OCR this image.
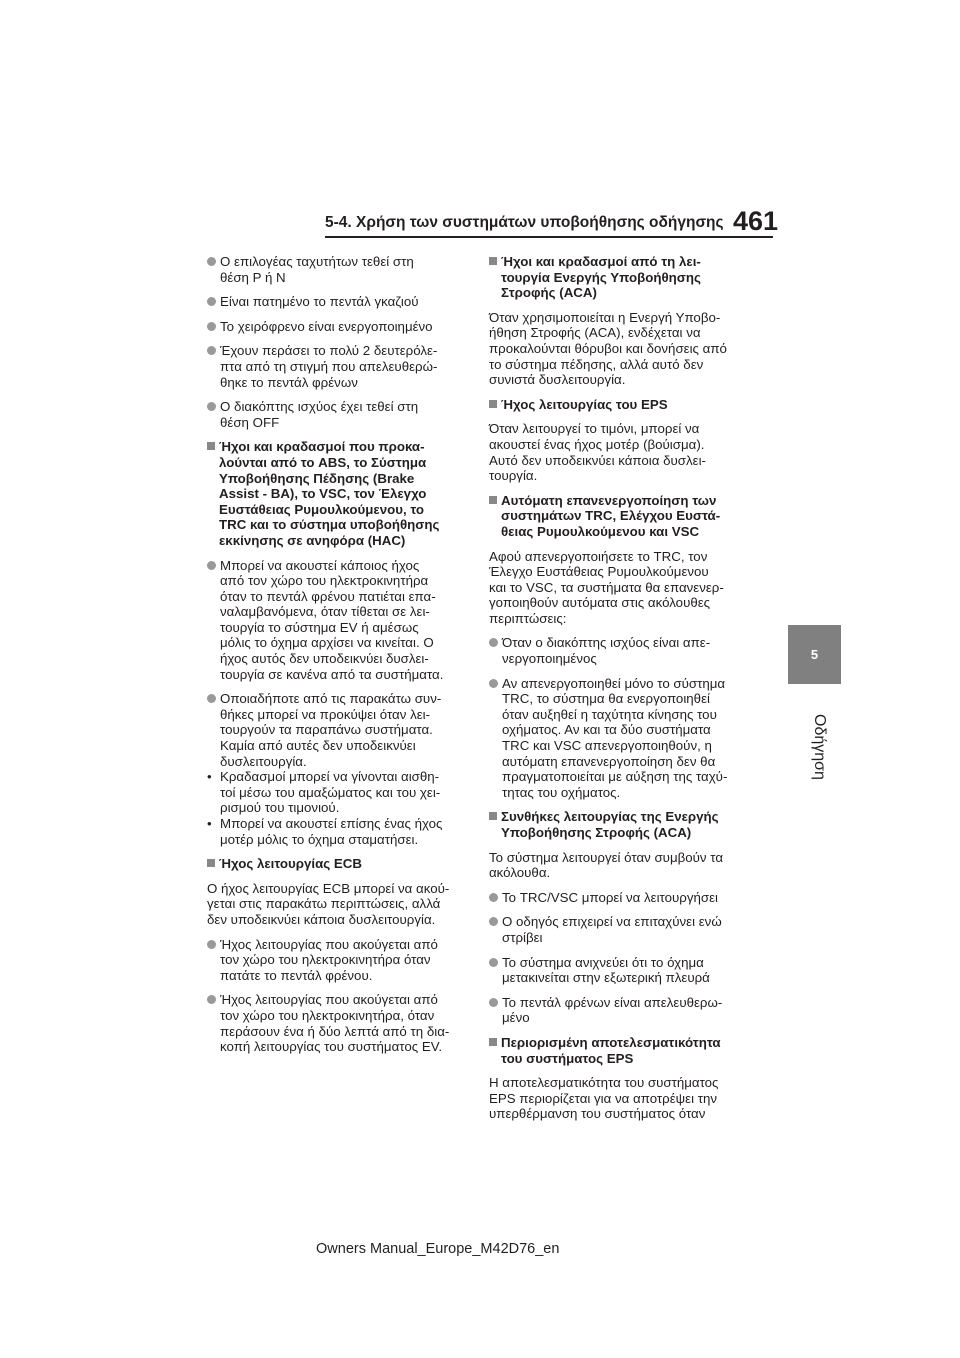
5-4. Χρήση των συστημάτων υποβοήθησης οδήγησης 461
5
Οδήγηση
Ο επιλογέας ταχυτήτων τεθεί στη
θέση P ή N
Είναι πατημένο το πεντάλ γκαζιού
Το χειρόφρενο είναι ενεργοποιημένο
Έχουν περάσει το πολύ 2 δευτερόλε-
πτα από τη στιγμή που απελευθερώ-
θηκε το πεντάλ φρένων
Ο διακόπτης ισχύος έχει τεθεί στη
θέση OFF
Ήχοι και κραδασμοί που προκα-
λούνται από το ABS, το Σύστημα
Υποβοήθησης Πέδησης (Brake
Assist - BA), το VSC, τον Έλεγχο
Ευστάθειας Ρυμουλκούμενου, το
TRC και το σύστημα υποβοήθησης
εκκίνησης σε ανηφόρα (HAC)
Μπορεί να ακουστεί κάποιος ήχος
από τον χώρο του ηλεκτροκινητήρα
όταν το πεντάλ φρένου πατιέται επα-
ναλαμβανόμενα, όταν τίθεται σε λει-
τουργία το σύστημα EV ή αμέσως
μόλις το όχημα αρχίσει να κινείται. Ο
ήχος αυτός δεν υποδεικνύει δυσλει-
τουργία σε κανένα από τα συστήματα.
Οποιαδήποτε από τις παρακάτω συν-
θήκες μπορεί να προκύψει όταν λει-
τουργούν τα παραπάνω συστήματα.
Καμία από αυτές δεν υποδεικνύει
δυσλειτουργία.
• Κραδασμοί μπορεί να γίνονται αισθη-
τοί μέσω του αμαξώματος και του χει-
ρισμού του τιμονιού.
• Μπορεί να ακουστεί επίσης ένας ήχος
μοτέρ μόλις το όχημα σταματήσει.
Ήχος λειτουργίας ECB
Ο ήχος λειτουργίας ECB μπορεί να ακού-
γεται στις παρακάτω περιπτώσεις, αλλά
δεν υποδεικνύει κάποια δυσλειτουργία.
Ήχος λειτουργίας που ακούγεται από
τον χώρο του ηλεκτροκινητήρα όταν
πατάτε το πεντάλ φρένου.
Ήχος λειτουργίας που ακούγεται από
τον χώρο του ηλεκτροκινητήρα, όταν
περάσουν ένα ή δύο λεπτά από τη δια-
κοπή λειτουργίας του συστήματος EV.
Ήχοι και κραδασμοί από τη λει-
τουργία Ενεργής Υποβοήθησης
Στροφής (ACA)
Όταν χρησιμοποιείται η Ενεργή Υποβο-
ήθηση Στροφής (ACA), ενδέχεται να
προκαλούνται θόρυβοι και δονήσεις από
το σύστημα πέδησης, αλλά αυτό δεν
συνιστά δυσλειτουργία.
Ήχος λειτουργίας του EPS
Όταν λειτουργεί το τιμόνι, μπορεί να
ακουστεί ένας ήχος μοτέρ (βούισμα).
Αυτό δεν υποδεικνύει κάποια δυσλει-
τουργία.
Αυτόματη επανενεργοποίηση των
συστημάτων TRC, Ελέγχου Ευστά-
θειας Ρυμουλκούμενου και VSC
Αφού απενεργοποιήσετε το TRC, τον
Έλεγχο Ευστάθειας Ρυμουλκούμενου
και το VSC, τα συστήματα θα επανενερ-
γοποιηθούν αυτόματα στις ακόλουθες
περιπτώσεις:
Όταν ο διακόπτης ισχύος είναι απε-
νεργοποιημένος
Αν απενεργοποιηθεί μόνο το σύστημα
TRC, το σύστημα θα ενεργοποιηθεί
όταν αυξηθεί η ταχύτητα κίνησης του
οχήματος. Αν και τα δύο συστήματα
TRC και VSC απενεργοποιηθούν, η
αυτόματη επανενεργοποίηση δεν θα
πραγματοποιείται με αύξηση της ταχύ-
τητας του οχήματος.
Συνθήκες λειτουργίας της Ενεργής
Υποβοήθησης Στροφής (ACA)
Το σύστημα λειτουργεί όταν συμβούν τα
ακόλουθα.
Το TRC/VSC μπορεί να λειτουργήσει
Ο οδηγός επιχειρεί να επιταχύνει ενώ
στρίβει
Το σύστημα ανιχνεύει ότι το όχημα
μετακινείται στην εξωτερική πλευρά
Το πεντάλ φρένων είναι απελευθερω-
μένο
Περιορισμένη αποτελεσματικότητα
του συστήματος EPS
Η αποτελεσματικότητα του συστήματος
EPS περιορίζεται για να αποτρέψει την
υπερθέρμανση του συστήματος όταν
Owners Manual_Europe_M42D76_en
